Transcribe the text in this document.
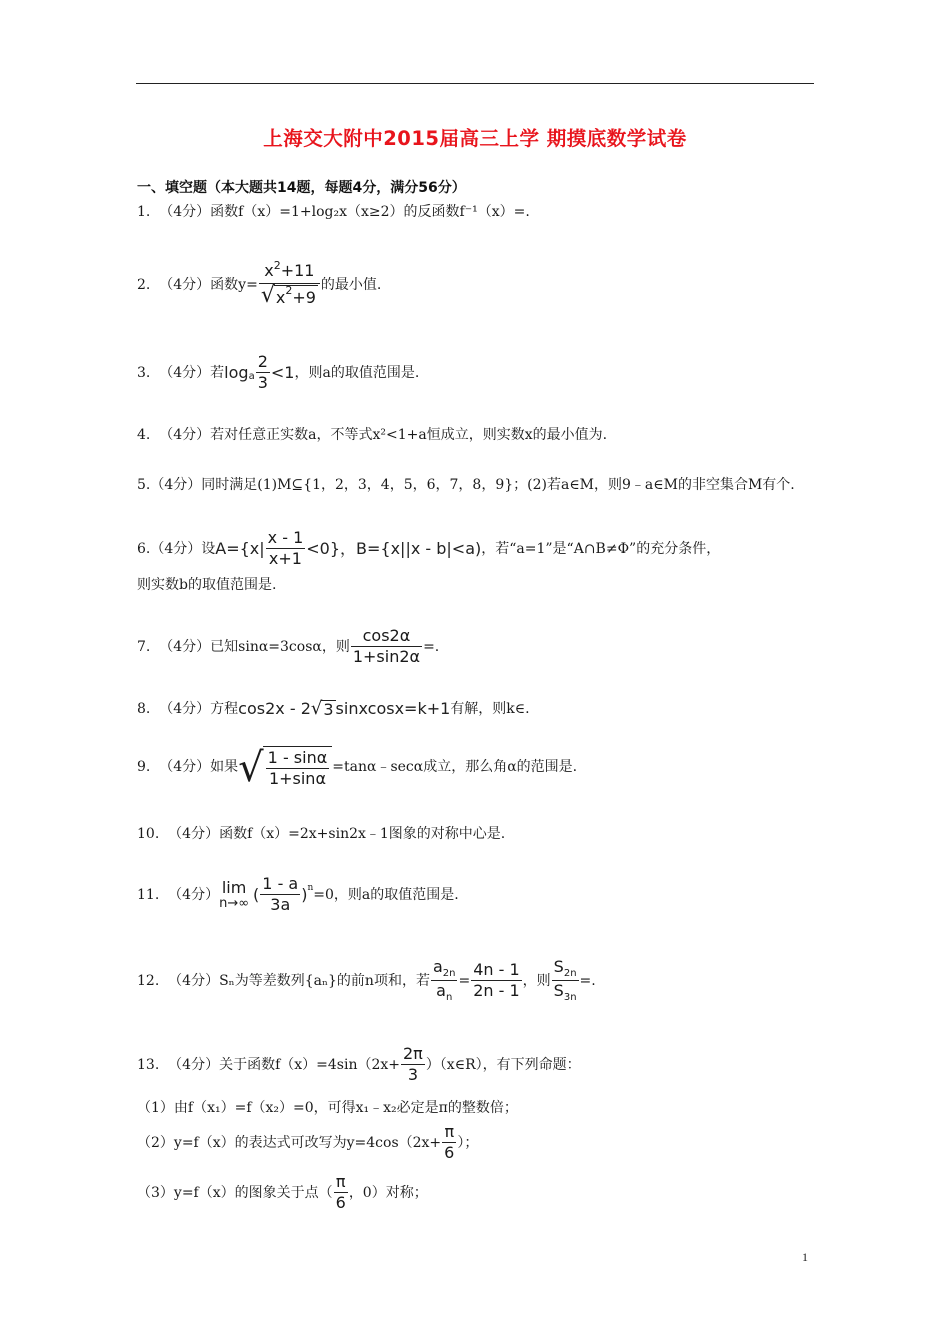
上海交大附中2015届高三上学 期摸底数学试卷
一、填空题（本大题共14题，每题4分，满分56分）
1.  （4分）函数f（x）=1+log₂x（x≥2）的反函数f⁻¹（x）=.
2.  （4分）函数$y= \frac{x^2+11}{√ x 2 +9}$ 的最小值.
3.  （4分）若 log a $\frac{2}{3} <1$ ，则a的取值范围是.
4.  （4分）若对任意正实数a，不等式x²<1+a恒成立，则实数x的最小值为.
5.（4分）同时满足(1)M⊆{1，2，3，4，5，6，7，8，9}；(2)若a∈M，则9﹣a∈M的非空集合M有个.
6.（4分）设 $A=\{x| \frac{x - 1}{x+1} <0\}$，B={x||x - b|<a) ，若“a=1”是“A∩B≠Φ”的充分条件，
则实数b的取值范围是.
7.  （4分）已知sinα=3cosα，则 $\frac{\cos 2\alpha}{1+\sin 2\alpha}$ =.
8.  （4分）方程 cos2x - 2 √ 3 sinxcosx=k+1 有解，则k∈.
9.  （4分）如果 √ $\frac{1 - \sin\alpha}{1+\sin\alpha}$ =tanα﹣secα成立，那么角α的范围是.
10.  （4分）函数f（x）=2x+sin2x﹣1图象的对称中心是.
11.  （4分） lim
n→∞ ( $\frac{1 - a}{3a}$ ) n =0，则a的取值范围是.
12.  （4分）Sₙ为等差数列{aₙ}的前n项和，若 $\frac{a_{2n}}{a_n} = \frac{4n - 1}{2n - 1}$ ，则 $\frac{S_{2n}}{S_{3n}}$ =.
13.  （4分）关于函数$f(x)=4\sin(2x+ \frac{2\pi}{3}$ ）（x∈R），有下列命题：
（1）由f（x₁）=f（x₂）=0，可得x₁﹣x₂必定是π的整数倍；
（2）y=f（x）的表达式可改写为$y=4\cos(2x+ \frac{\pi}{6}$ ）；
（3）y=f（x）的图象关于点（ $\frac{\pi}{6}$ ，0）对称；
1
